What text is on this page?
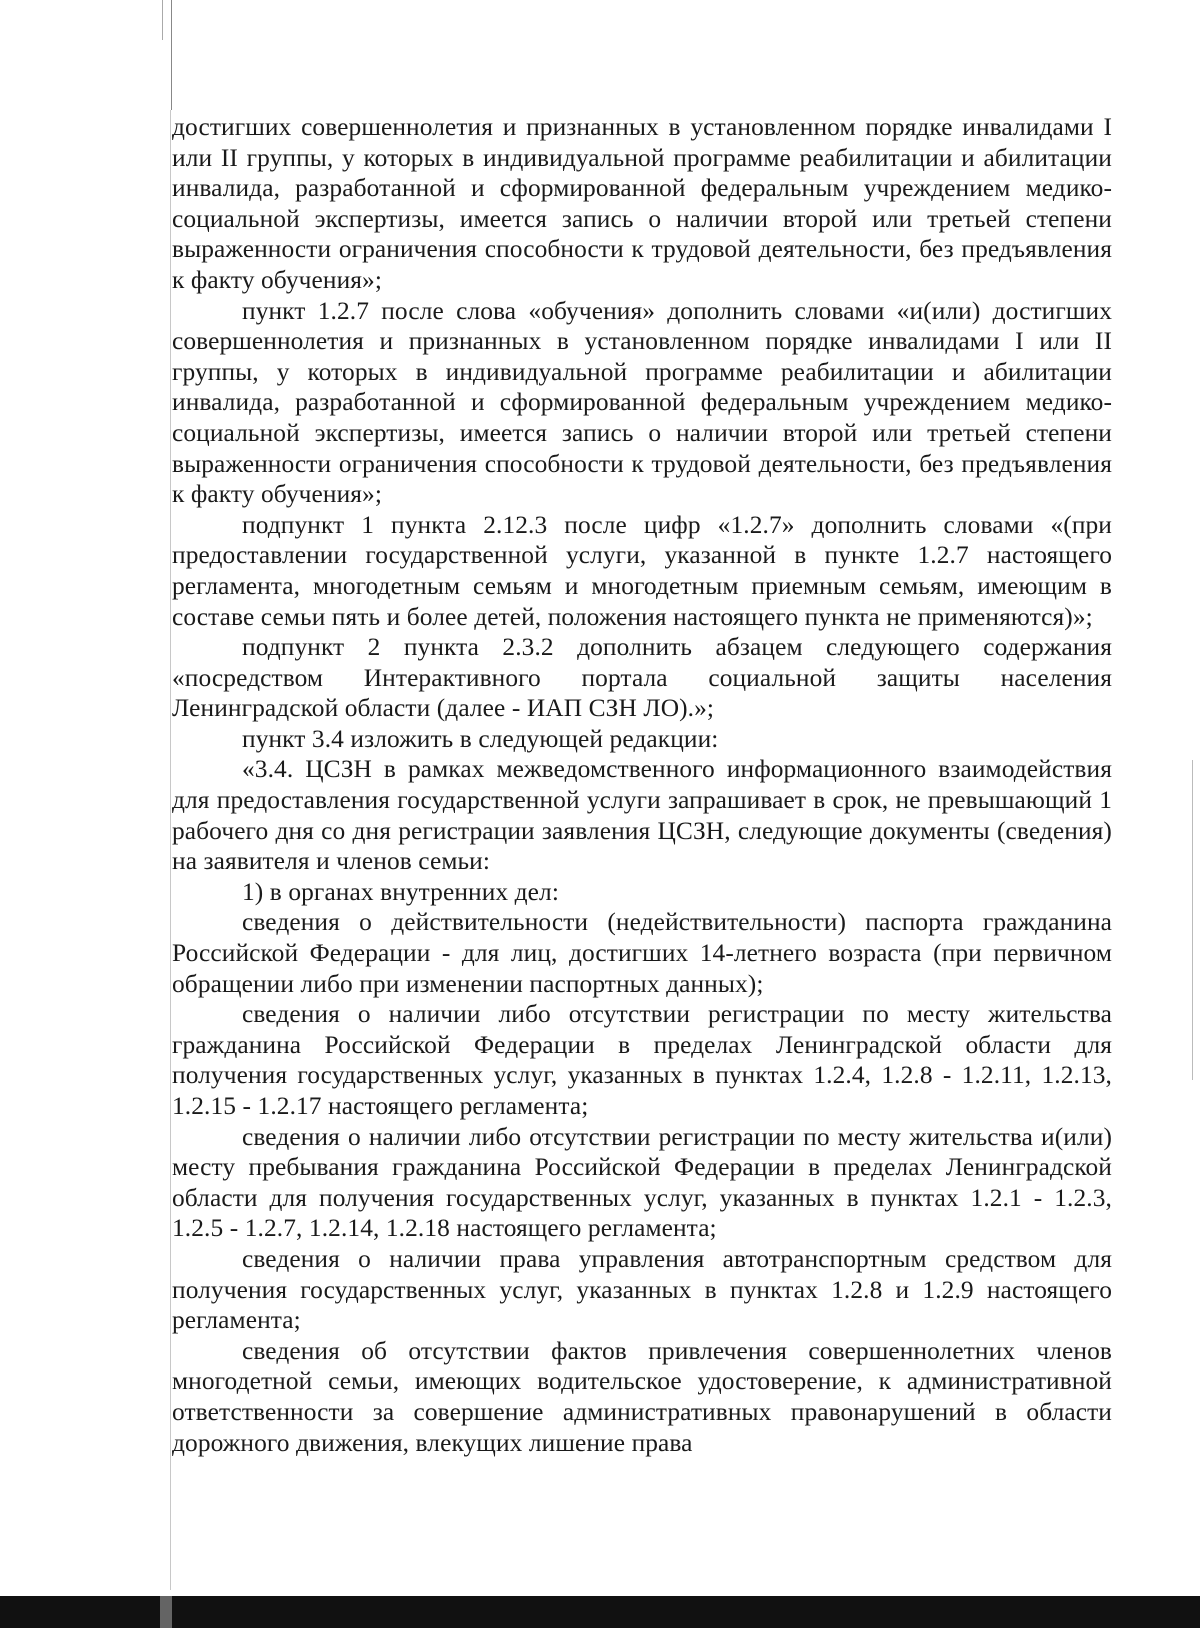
достигших совершеннолетия и признанных в установленном порядке инвалидами I или II группы, у которых в индивидуальной программе реабилитации и абилитации инвалида, разработанной и сформированной федеральным учреждением медико-социальной экспертизы, имеется запись о наличии второй или третьей степени выраженности ограничения способности к трудовой деятельности, без предъявления к факту обучения»;

пункт 1.2.7 после слова «обучения» дополнить словами «и(или) достигших совершеннолетия и признанных в установленном порядке инвалидами I или II группы, у которых в индивидуальной программе реабилитации и абилитации инвалида, разработанной и сформированной федеральным учреждением медико-социальной экспертизы, имеется запись о наличии второй или третьей степени выраженности ограничения способности к трудовой деятельности, без предъявления к факту обучения»;

подпункт 1 пункта 2.12.3 после цифр «1.2.7» дополнить словами «(при предоставлении государственной услуги, указанной в пункте 1.2.7 настоящего регламента, многодетным семьям и многодетным приемным семьям, имеющим в составе семьи пять и более детей, положения настоящего пункта не применяются)»;

подпункт 2 пункта 2.3.2 дополнить абзацем следующего содержания «посредством Интерактивного портала социальной защиты населения Ленинградской области (далее - ИАП СЗН ЛО).»;

пункт 3.4 изложить в следующей редакции:

«3.4. ЦСЗН в рамках межведомственного информационного взаимодействия для предоставления государственной услуги запрашивает в срок, не превышающий 1 рабочего дня со дня регистрации заявления ЦСЗН, следующие документы (сведения) на заявителя и членов семьи:

1) в органах внутренних дел:

сведения о действительности (недействительности) паспорта гражданина Российской Федерации - для лиц, достигших 14-летнего возраста (при первичном обращении либо при изменении паспортных данных);

сведения о наличии либо отсутствии регистрации по месту жительства гражданина Российской Федерации в пределах Ленинградской области для получения государственных услуг, указанных в пунктах 1.2.4, 1.2.8 - 1.2.11, 1.2.13, 1.2.15 - 1.2.17 настоящего регламента;

сведения о наличии либо отсутствии регистрации по месту жительства и(или) месту пребывания гражданина Российской Федерации в пределах Ленинградской области для получения государственных услуг, указанных в пунктах 1.2.1 - 1.2.3, 1.2.5 - 1.2.7, 1.2.14, 1.2.18 настоящего регламента;

сведения о наличии права управления автотранспортным средством для получения государственных услуг, указанных в пунктах 1.2.8 и 1.2.9 настоящего регламента;

сведения об отсутствии фактов привлечения совершеннолетних членов многодетной семьи, имеющих водительское удостоверение, к административной ответственности за совершение административных правонарушений в области дорожного движения, влекущих лишение права
